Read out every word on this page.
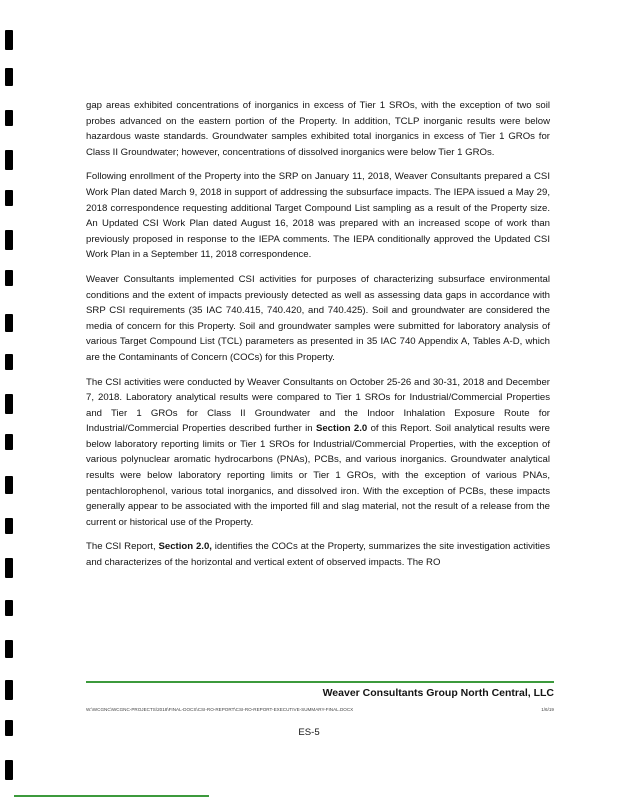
gap areas exhibited concentrations of inorganics in excess of Tier 1 SROs, with the exception of two soil probes advanced on the eastern portion of the Property. In addition, TCLP inorganic results were below hazardous waste standards. Groundwater samples exhibited total inorganics in excess of Tier 1 GROs for Class II Groundwater; however, concentrations of dissolved inorganics were below Tier 1 GROs.

Following enrollment of the Property into the SRP on January 11, 2018, Weaver Consultants prepared a CSI Work Plan dated March 9, 2018 in support of addressing the subsurface impacts. The IEPA issued a May 29, 2018 correspondence requesting additional Target Compound List sampling as a result of the Property size. An Updated CSI Work Plan dated August 16, 2018 was prepared with an increased scope of work than previously proposed in response to the IEPA comments. The IEPA conditionally approved the Updated CSI Work Plan in a September 11, 2018 correspondence.

Weaver Consultants implemented CSI activities for purposes of characterizing subsurface environmental conditions and the extent of impacts previously detected as well as assessing data gaps in accordance with SRP CSI requirements (35 IAC 740.415, 740.420, and 740.425). Soil and groundwater are considered the media of concern for this Property. Soil and groundwater samples were submitted for laboratory analysis of various Target Compound List (TCL) parameters as presented in 35 IAC 740 Appendix A, Tables A-D, which are the Contaminants of Concern (COCs) for this Property.

The CSI activities were conducted by Weaver Consultants on October 25-26 and 30-31, 2018 and December 7, 2018. Laboratory analytical results were compared to Tier 1 SROs for Industrial/Commercial Properties and Tier 1 GROs for Class II Groundwater and the Indoor Inhalation Exposure Route for Industrial/Commercial Properties described further in Section 2.0 of this Report. Soil analytical results were below laboratory reporting limits or Tier 1 SROs for Industrial/Commercial Properties, with the exception of various polynuclear aromatic hydrocarbons (PNAs), PCBs, and various inorganics. Groundwater analytical results were below laboratory reporting limits or Tier 1 GROs, with the exception of various PNAs, pentachlorophenol, various total inorganics, and dissolved iron. With the exception of PCBs, these impacts generally appear to be associated with the imported fill and slag material, not the result of a release from the current or historical use of the Property.

The CSI Report, Section 2.0, identifies the COCs at the Property, summarizes the site investigation activities and characterizes of the horizontal and vertical extent of observed impacts. The RO

Weaver Consultants Group North Central, LLC
W:\WCGNC\WCGNC-PROJECTS\2018\FINAL-DOCS\CSI-RO-REPORT\CSI-RO-REPORT-EXECUTIVE-SUMMARY-FINAL.DOCX	1/6/19
ES-5
